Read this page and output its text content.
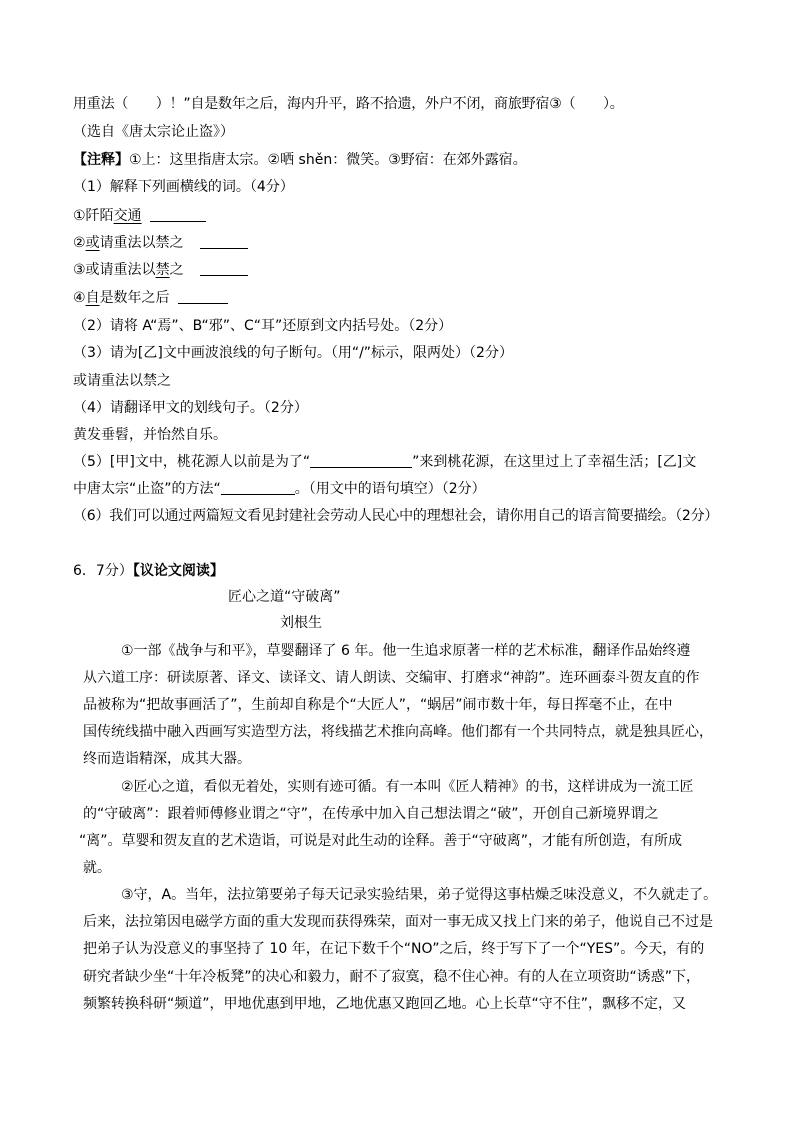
用重法（　　）！”自是数年之后，海内升平，路不拾遗，外户不闭，商旅野宿③（　　）。
（选自《唐太宗论止盗》）
【注释】①上：这里指唐太宗。②哂 shěn：微笑。③野宿：在郊外露宿。
（1）解释下列画横线的词。（4分）
①阡陌交通
②或请重法以禁之
③或请重法以禁之
④自是数年之后
（2）请将 A“焉”、B“邪”、C“耳”还原到文内括号处。（2分）
（3）请为[乙]文中画波浪线的句子断句。（用“/”标示，限两处）（2分）
或请重法以禁之
（4）请翻译甲文的划线句子。（2分）
黄发垂髫，并怡然自乐。
（5）[甲]文中，桃花源人以前是为了“	”来到桃花源，在这里过上了幸福生活；[乙]文
中唐太宗“止盗”的方法“	。（用文中的语句填空）（2分）
（6）我们可以通过两篇短文看见封建社会劳动人民心中的理想社会，请你用自己的语言简要描绘。（2分）
6．7分）【议论文阅读】
匠心之道“守破离”
刘根生
①一部《战争与和平》，草婴翻译了 6 年。他一生追求原著一样的艺术标准，翻译作品始终遵
从六道工序：研读原著、译文、读译文、请人朗读、交编审、打磨求“神韵”。连环画泰斗贺友直的作
品被称为“把故事画活了”，生前却自称是个“大匠人”，“蜗居”闹市数十年，每日挥毫不止，在中
国传统线描中融入西画写实造型方法，将线描艺术推向高峰。他们都有一个共同特点，就是独具匠心，
终而造诣精深，成其大器。
②匠心之道，看似无着处，实则有迹可循。有一本叫《匠人精神》的书，这样讲成为一流工匠
的“守破离”：跟着师傅修业谓之“守”，在传承中加入自己想法谓之“破”，开创自己新境界谓之
“离”。草婴和贺友直的艺术造诣，可说是对此生动的诠释。善于“守破离”，才能有所创造，有所成
就。
③守，A。当年，法拉第要弟子每天记录实验结果，弟子觉得这事枯燥乏味没意义，不久就走了。
后来，法拉第因电磁学方面的重大发现而获得殊荣，面对一事无成又找上门来的弟子，他说自己不过是
把弟子认为没意义的事坚持了 10 年，在记下数千个“NO”之后，终于写下了一个“YES”。今天，有的
研究者缺少坐“十年冷板凳”的决心和毅力，耐不了寂寞，稳不住心神。有的人在立项资助“诱惑”下，
频繁转换科研“频道”，甲地优惠到甲地，乙地优惠又跑回乙地。心上长草“守不住”，飘移不定，又
